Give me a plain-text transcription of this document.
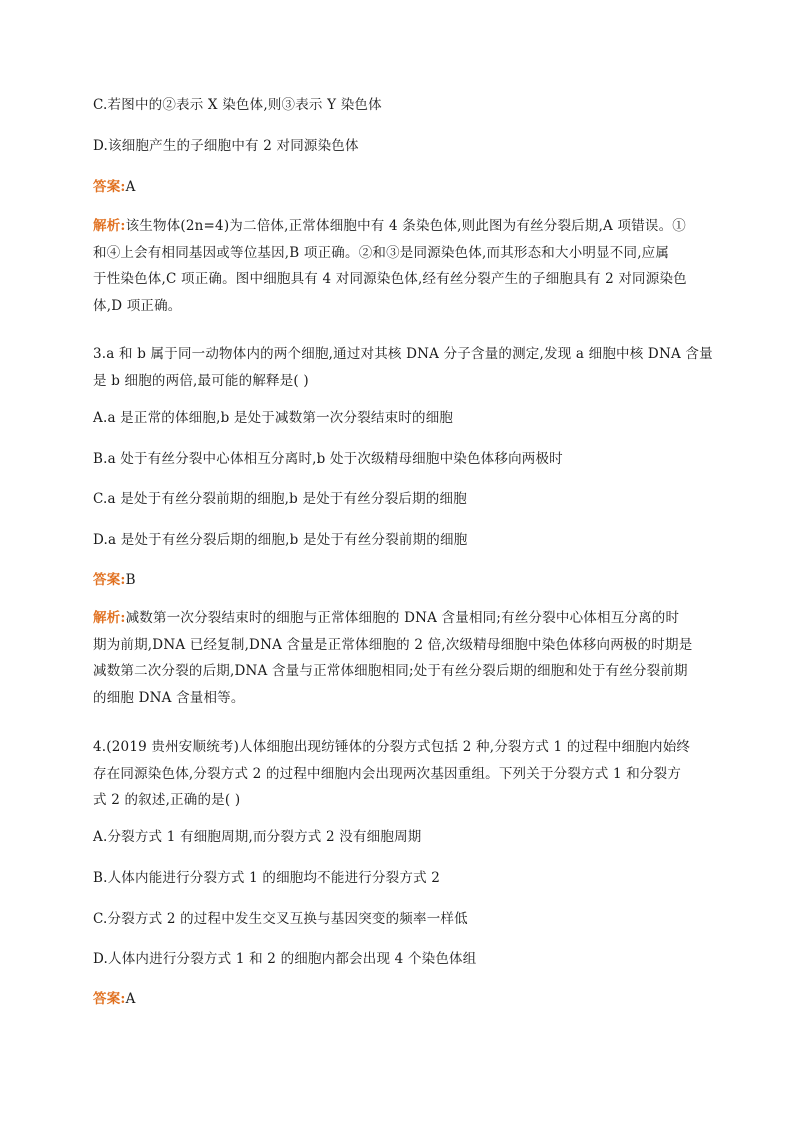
C.若图中的②表示 X 染色体,则③表示 Y 染色体
D.该细胞产生的子细胞中有 2 对同源染色体
答案:A
解析:该生物体(2n=4)为二倍体,正常体细胞中有 4 条染色体,则此图为有丝分裂后期,A 项错误。①
和④上会有相同基因或等位基因,B 项正确。②和③是同源染色体,而其形态和大小明显不同,应属
于性染色体,C 项正确。图中细胞具有 4 对同源染色体,经有丝分裂产生的子细胞具有 2 对同源染色
体,D 项正确。
3.a 和 b 属于同一动物体内的两个细胞,通过对其核 DNA 分子含量的测定,发现 a 细胞中核 DNA 含量
是 b 细胞的两倍,最可能的解释是( )
A.a 是正常的体细胞,b 是处于减数第一次分裂结束时的细胞
B.a 处于有丝分裂中心体相互分离时,b 处于次级精母细胞中染色体移向两极时
C.a 是处于有丝分裂前期的细胞,b 是处于有丝分裂后期的细胞
D.a 是处于有丝分裂后期的细胞,b 是处于有丝分裂前期的细胞
答案:B
解析:减数第一次分裂结束时的细胞与正常体细胞的 DNA 含量相同;有丝分裂中心体相互分离的时
期为前期,DNA 已经复制,DNA 含量是正常体细胞的 2 倍,次级精母细胞中染色体移向两极的时期是
减数第二次分裂的后期,DNA 含量与正常体细胞相同;处于有丝分裂后期的细胞和处于有丝分裂前期
的细胞 DNA 含量相等。
4.(2019 贵州安顺统考)人体细胞出现纺锤体的分裂方式包括 2 种,分裂方式 1 的过程中细胞内始终
存在同源染色体,分裂方式 2 的过程中细胞内会出现两次基因重组。下列关于分裂方式 1 和分裂方
式 2 的叙述,正确的是( )
A.分裂方式 1 有细胞周期,而分裂方式 2 没有细胞周期
B.人体内能进行分裂方式 1 的细胞均不能进行分裂方式 2
C.分裂方式 2 的过程中发生交叉互换与基因突变的频率一样低
D.人体内进行分裂方式 1 和 2 的细胞内都会出现 4 个染色体组
答案:A
